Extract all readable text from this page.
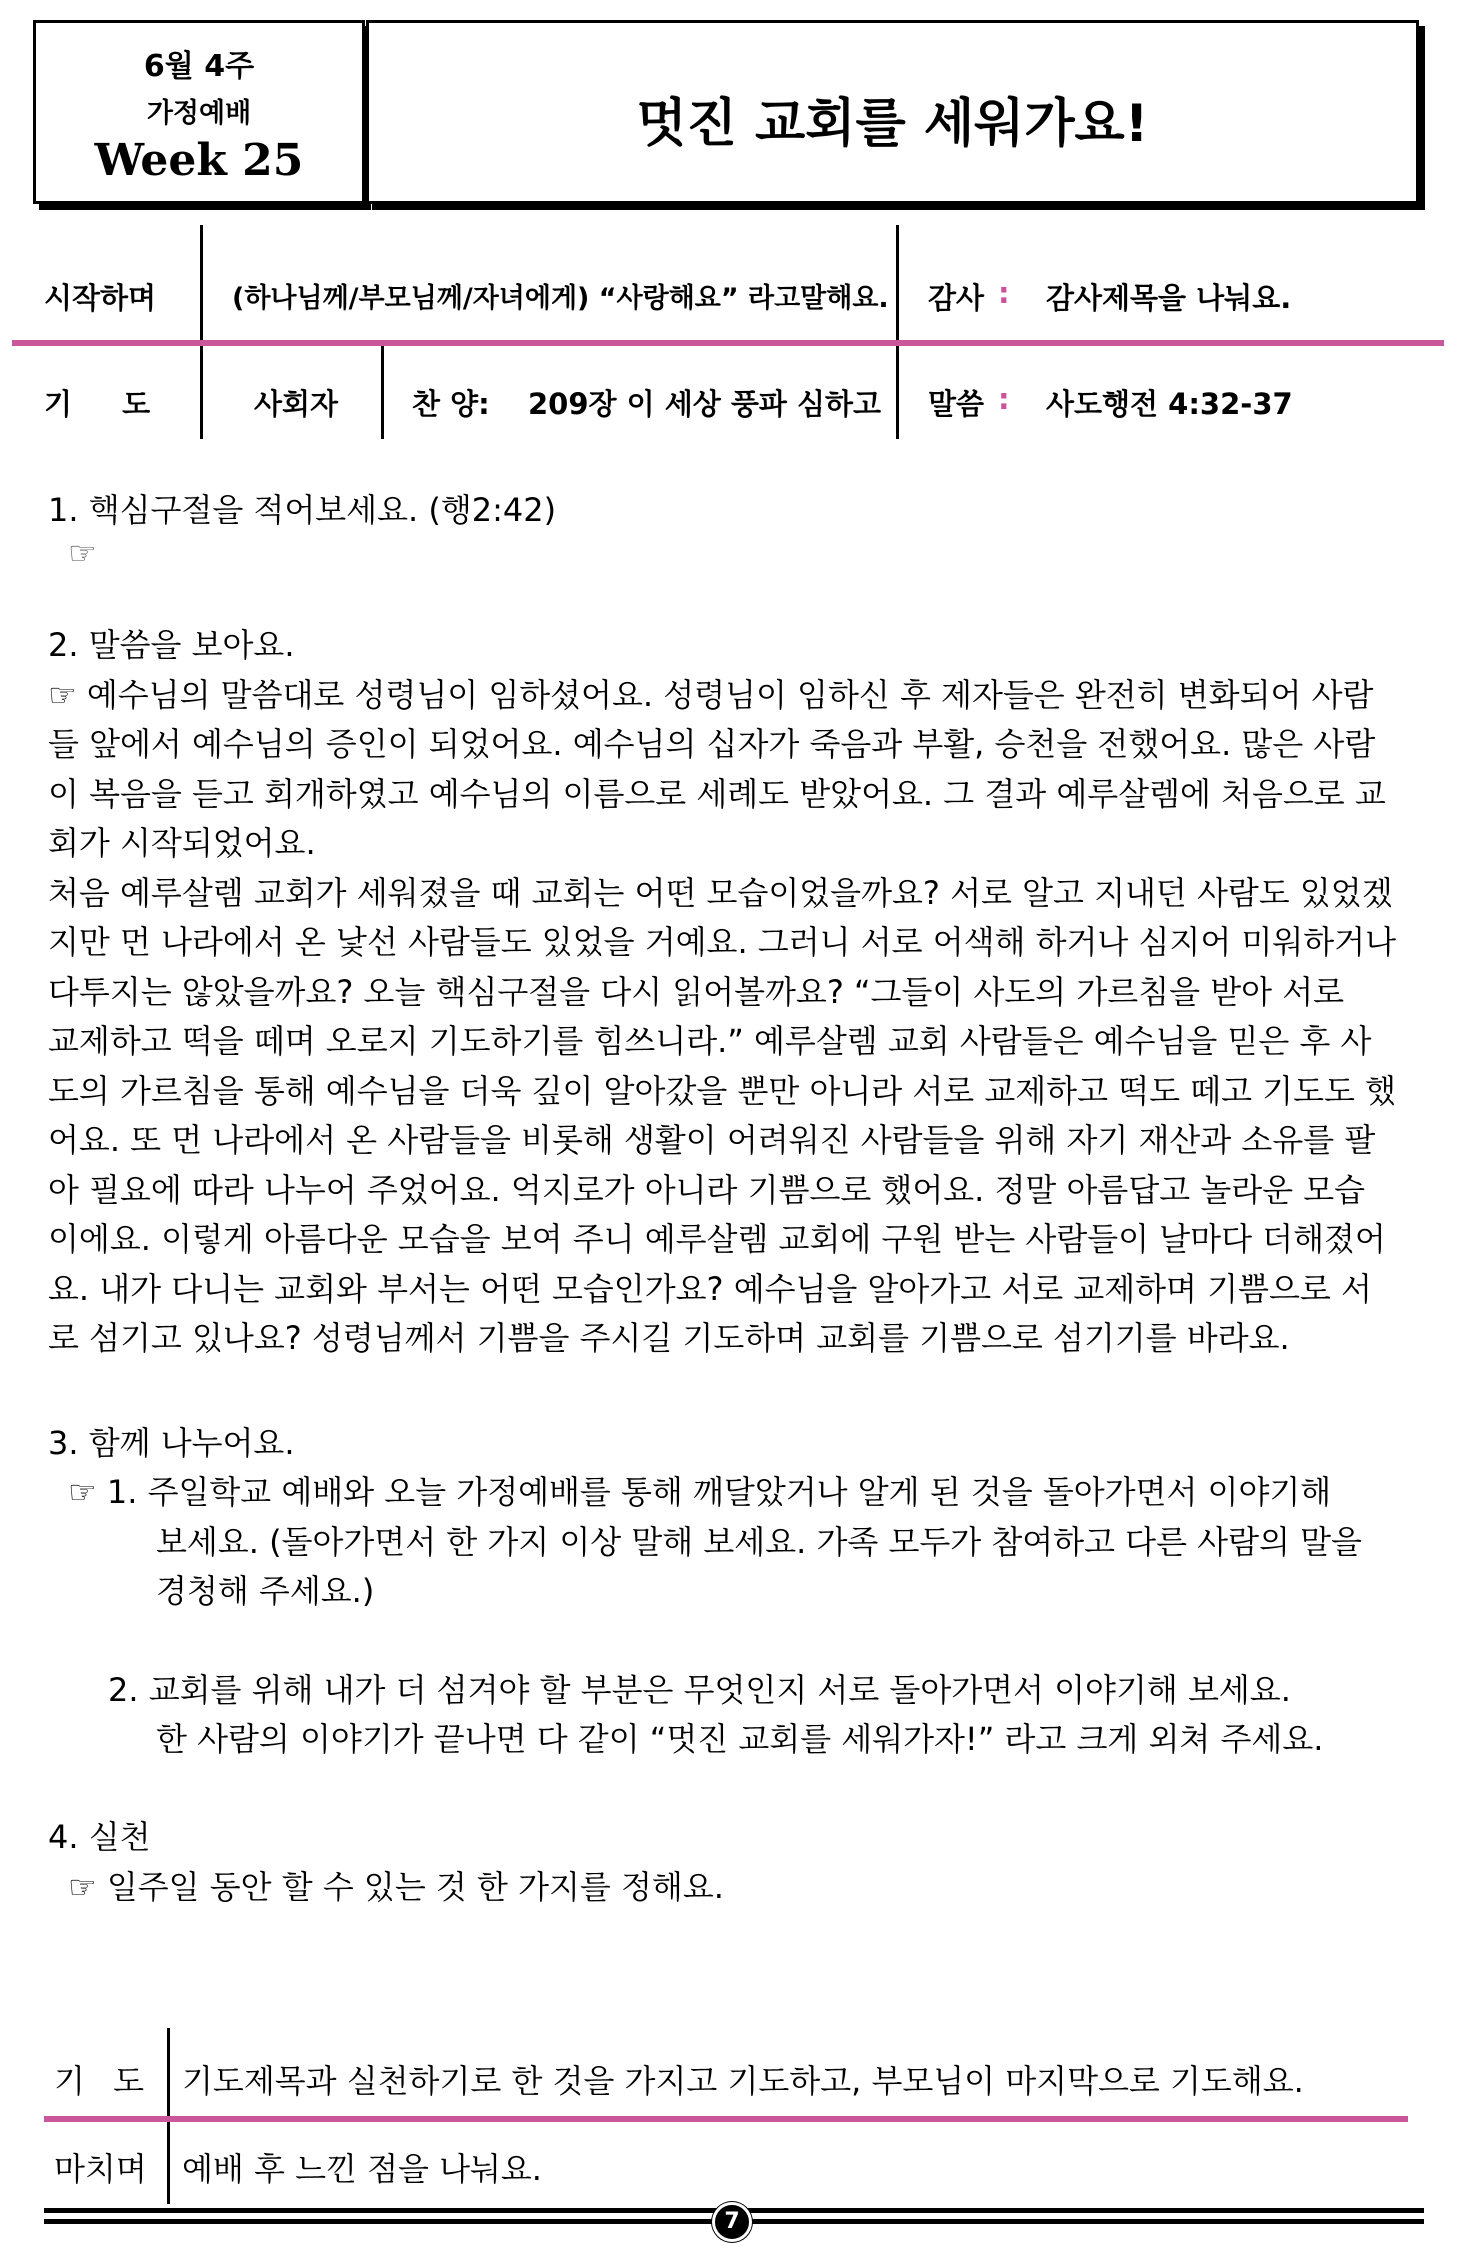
6월 4주
가정예배
Week 25
멋진 교회를 세워가요!
시작하며	(하나님께/부모님께/자녀에게) “사랑해요” 라고말해요. 감사 : 감사제목을 나눠요.
기 도	사회자	찬 양: 209장 이 세상 풍파 심하고 말씀 : 사도행전 4:32-37
1. 핵심구절을 적어보세요. (행2:42)
☞
2. 말씀을 보아요.
☞ 예수님의 말씀대로 성령님이 임하셨어요. 성령님이 임하신 후 제자들은 완전히 변화되어 사람
들 앞에서 예수님의 증인이 되었어요. 예수님의 십자가 죽음과 부활, 승천을 전했어요. 많은 사람
이 복음을 듣고 회개하였고 예수님의 이름으로 세례도 받았어요. 그 결과 예루살렘에 처음으로 교
회가 시작되었어요.
처음 예루살렘 교회가 세워졌을 때 교회는 어떤 모습이었을까요? 서로 알고 지내던 사람도 있었겠
지만 먼 나라에서 온 낯선 사람들도 있었을 거예요. 그러니 서로 어색해 하거나 심지어 미워하거나
다투지는 않았을까요? 오늘 핵심구절을 다시 읽어볼까요? “그들이 사도의 가르침을 받아 서로
교제하고 떡을 떼며 오로지 기도하기를 힘쓰니라.” 예루살렘 교회 사람들은 예수님을 믿은 후 사
도의 가르침을 통해 예수님을 더욱 깊이 알아갔을 뿐만 아니라 서로 교제하고 떡도 떼고 기도도 했
어요. 또 먼 나라에서 온 사람들을 비롯해 생활이 어려워진 사람들을 위해 자기 재산과 소유를 팔
아 필요에 따라 나누어 주었어요. 억지로가 아니라 기쁨으로 했어요. 정말 아름답고 놀라운 모습
이에요. 이렇게 아름다운 모습을 보여 주니 예루살렘 교회에 구원 받는 사람들이 날마다 더해졌어
요. 내가 다니는 교회와 부서는 어떤 모습인가요? 예수님을 알아가고 서로 교제하며 기쁨으로 서
로 섬기고 있나요? 성령님께서 기쁨을 주시길 기도하며 교회를 기쁨으로 섬기기를 바라요.
3. 함께 나누어요.
☞ 1. 주일학교 예배와 오늘 가정예배를 통해 깨달았거나 알게 된 것을 돌아가면서 이야기해
보세요. (돌아가면서 한 가지 이상 말해 보세요. 가족 모두가 참여하고 다른 사람의 말을
경청해 주세요.)
2. 교회를 위해 내가 더 섬겨야 할 부분은 무엇인지 서로 돌아가면서 이야기해 보세요.
한 사람의 이야기가 끝나면 다 같이 “멋진 교회를 세워가자!” 라고 크게 외쳐 주세요.
4. 실천
☞ 일주일 동안 할 수 있는 것 한 가지를 정해요.
기 도 기도제목과 실천하기로 한 것을 가지고 기도하고, 부모님이 마지막으로 기도해요.
마치며 예배 후 느낀 점을 나눠요.
7
